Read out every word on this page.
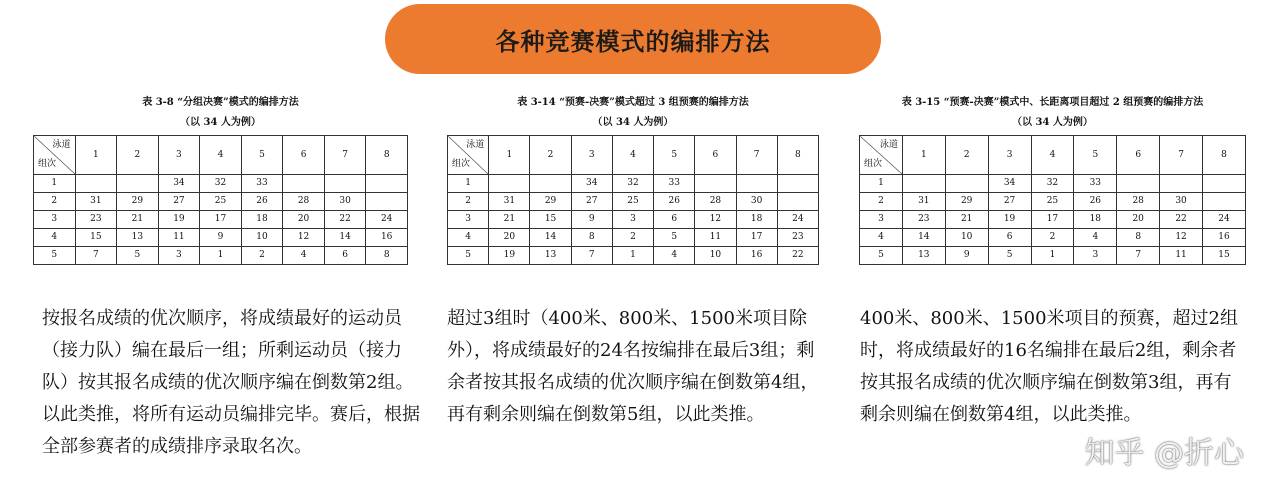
各种竞赛模式的编排方法
表 3-8 “分组决赛”模式的编排方法
（以 34 人为例）
泳道
组次	1	2	3	4	5	6	7	8
1			34	32	33			
2	31	29	27	25	26	28	30	
3	23	21	19	17	18	20	22	24
4	15	13	11	9	10	12	14	16
5	7	5	3	1	2	4	6	8
表 3-14 “预赛-决赛”模式超过 3 组预赛的编排方法
（以 34 人为例）
泳道
组次	1	2	3	4	5	6	7	8
1			34	32	33			
2	31	29	27	25	26	28	30	
3	21	15	9	3	6	12	18	24
4	20	14	8	2	5	11	17	23
5	19	13	7	1	4	10	16	22
表 3-15 “预赛-决赛”模式中、长距离项目超过 2 组预赛的编排方法
（以 34 人为例）
泳道
组次	1	2	3	4	5	6	7	8
1			34	32	33			
2	31	29	27	25	26	28	30	
3	23	21	19	17	18	20	22	24
4	14	10	6	2	4	8	12	16
5	13	9	5	1	3	7	11	15
按报名成绩的优次顺序，将成绩最好的运动员（接力队）编在最后一组；所剩运动员（接力队）按其报名成绩的优次顺序编在倒数第2组。以此类推，将所有运动员编排完毕。赛后，根据全部参赛者的成绩排序录取名次。
超过3组时（400米、800米、1500米项目除外），将成绩最好的24名按编排在最后3组；剩余者按其报名成绩的优次顺序编在倒数第4组，再有剩余则编在倒数第5组，以此类推。
400米、800米、1500米项目的预赛，超过2组时，将成绩最好的16名编排在最后2组，剩余者按其报名成绩的优次顺序编在倒数第3组，再有剩余则编在倒数第4组，以此类推。
知乎 @折心
